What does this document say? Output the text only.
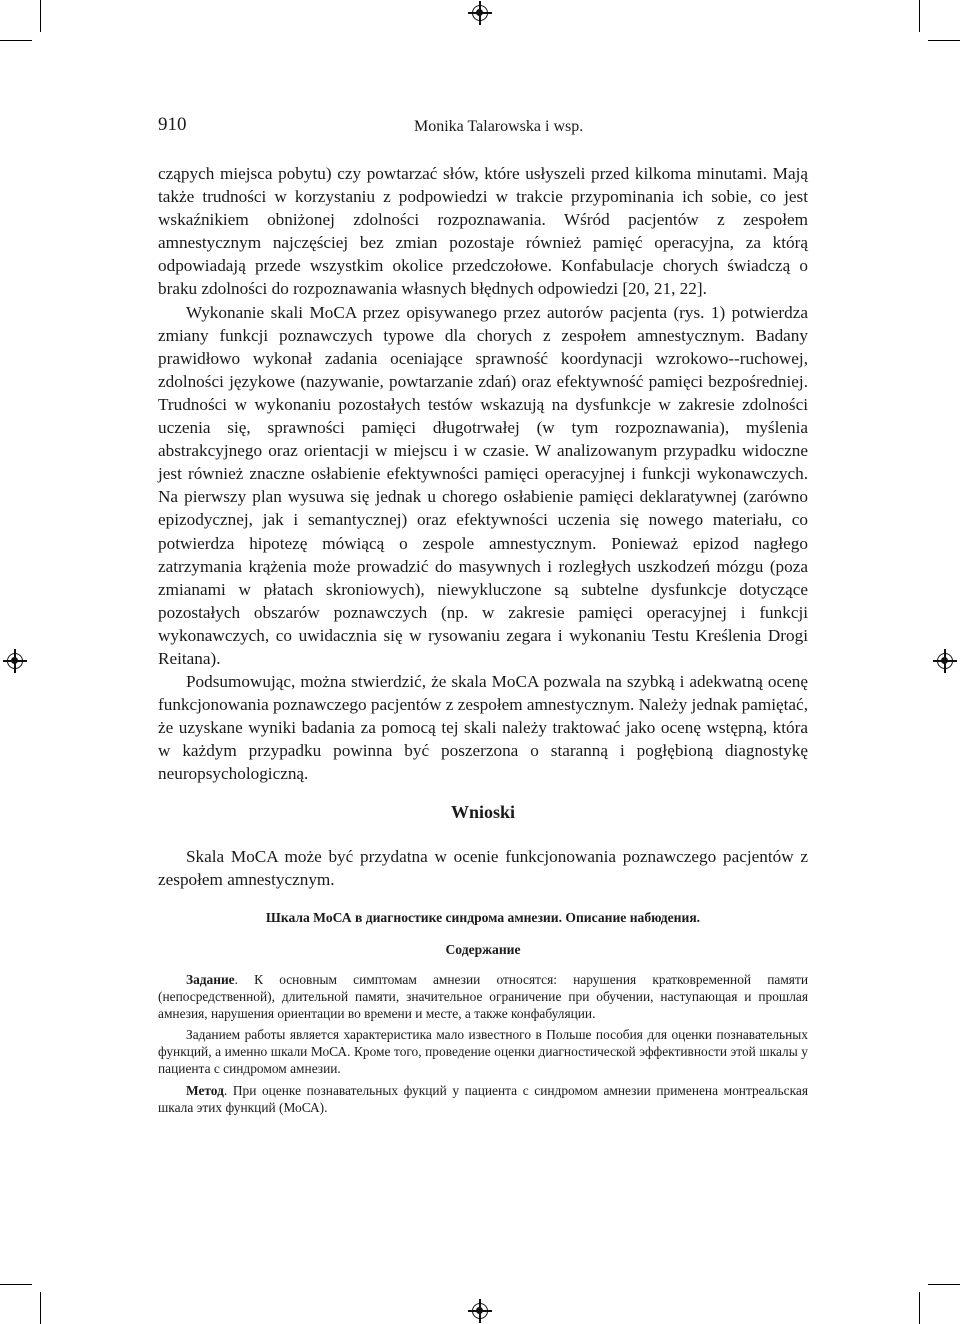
910	Monika Talarowska i wsp.

cząpych miejsca pobytu) czy powtarzać słów, które usłyszeli przed kilkoma minutami. Mają także trudności w korzystaniu z podpowiedzi w trakcie przypominania ich sobie, co jest wskaźnikiem obniżonej zdolności rozpoznawania. Wśród pacjentów z zespołem amnestycznym najczęściej bez zmian pozostaje również pamięć operacyjna, za którą odpowiadają przede wszystkim okolice przedczołowe. Konfabulacje chorych świadczą o braku zdolności do rozpoznawania własnych błędnych odpowiedzi [20, 21, 22].

Wykonanie skali MoCA przez opisywanego przez autorów pacjenta (rys. 1) potwierdza zmiany funkcji poznawczych typowe dla chorych z zespołem amnestycznym. Badany prawidłowo wykonał zadania oceniające sprawność koordynacji wzrokowo--ruchowej, zdolności językowe (nazywanie, powtarzanie zdań) oraz efektywność pamięci bezpośredniej. Trudności w wykonaniu pozostałych testów wskazują na dysfunkcje w zakresie zdolności uczenia się, sprawności pamięci długotrwałej (w tym rozpoznawania), myślenia abstrakcyjnego oraz orientacji w miejscu i w czasie. W analizowanym przypadku widoczne jest również znaczne osłabienie efektywności pamięci operacyjnej i funkcji wykonawczych. Na pierwszy plan wysuwa się jednak u chorego osłabienie pamięci deklaratywnej (zarówno epizodycznej, jak i semantycznej) oraz efektywności uczenia się nowego materiału, co potwierdza hipotezę mówiącą o zespole amnestycznym. Ponieważ epizod nagłego zatrzymania krążenia może prowadzić do masywnych i rozległych uszkodzeń mózgu (poza zmianami w płatach skroniowych), niewykluczone są subtelne dysfunkcje dotyczące pozostałych obszarów poznawczych (np. w zakresie pamięci operacyjnej i funkcji wykonawczych, co uwidacznia się w rysowaniu zegara i wykonaniu Testu Kreślenia Drogi Reitana).

Podsumowując, można stwierdzić, że skala MoCA pozwala na szybką i adekwatną ocenę funkcjonowania poznawczego pacjentów z zespołem amnestycznym. Należy jednak pamiętać, że uzyskane wyniki badania za pomocą tej skali należy traktować jako ocenę wstępną, która w każdym przypadku powinna być poszerzona o staranną i pogłębioną diagnostykę neuropsychologiczną.

Wnioski
Skala MoCA może być przydatna w ocenie funkcjonowania poznawczego pacjentów z zespołem amnestycznym.
Шкала МоСА в диагностике синдрома амнезии. Описание набюдения.
Содержание

Задание. К основным симптомам амнезии относятся: нарушения кратковременной памяти (непосредственной), длительной памяти, значительное ограничение при обучении, наступающая и прошлая амнезия, нарушения ориентации во времени и месте, а также конфабуляции.

Заданием работы является характеристика мало известного в Польше пособия для оценки познавательных функций, а именно шкали МоСА. Кроме того, проведение оценки диагностической эффективности этой шкалы у пациента с синдромом амнезии.

Метод. При оценке познавательных фукций у пациента с синдромом амнезии применена монтреальская шкала этих функций (МоСА).
